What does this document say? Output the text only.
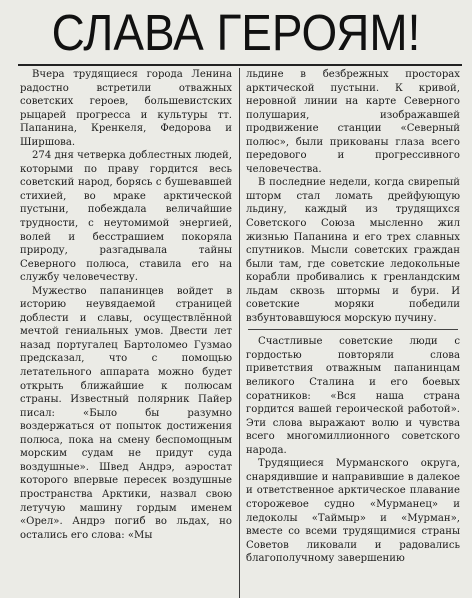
СЛАВА ГЕРОЯМ!

Вчера трудящиеся города Ленина радостно встретили отважных советских героев, большевистских рыцарей прогресса и культуры тт. Папанина, Кренкеля, Федорова и Ширшова.

274 дня четверка доблестных людей, которыми по праву гордится весь советский народ, борясь с бушевавшей стихией, во мраке арктической пустыни, побеждала величайшие трудности, с неутомимой энергией, волей и бесстрашием покоряла природу, разгадывала тайны Северного полюса, ставила его на службу человечеству.

Мужество папанинцев войдет в историю неувядаемой страницей доблести и славы, осуществлённой мечтой гениальных умов. Двести лет назад португалец Бартоломео Гузмао предсказал, что с помощью летательного аппарата можно будет открыть ближайшие к полюсам страны. Известный полярник Пайер писал: «Было бы разумно воздержаться от попыток достижения полюса, пока на смену беспомощным морским судам не придут суда воздушные». Швед Андрэ, аэростат которого впервые пересек воздушные пространства Арктики, назвал свою летучую машину гордым именем «Орел». Андрэ погиб во льдах, но остались его слова: «Мы

льдине в безбрежных просторах арктической пустыни. К кривой, неровной линии на карте Северного полушария, изображавшей продвижение станции «Северный полюс», были прикованы глаза всего передового и прогрессивного человечества.

В последние недели, когда свирепый шторм стал ломать дрейфующую льдину, каждый из трудящихся Советского Союза мысленно жил жизнью Папанина и его трех славных спутников. Мысли советских граждан были там, где советские ледокольные корабли пробивались к гренландским льдам сквозь штормы и бури. И советские моряки победили взбунтовавшуюся морскую пучину.

Счастливые советские люди с гордостью повторяли слова приветствия отважным папанинцам великого Сталина и его боевых соратников: «Вся наша страна гордится вашей героической работой». Эти слова выражают волю и чувства всего многомиллионного советского народа.

Трудящиеся Мурманского округа, снарядившие и направившие в далекое и ответственное арктическое плавание сторожевое судно «Мурманец» и ледоколы «Таймыр» и «Мурман», вместе со всеми трудящимися страны Советов ликовали и радовались благополучному завершению
